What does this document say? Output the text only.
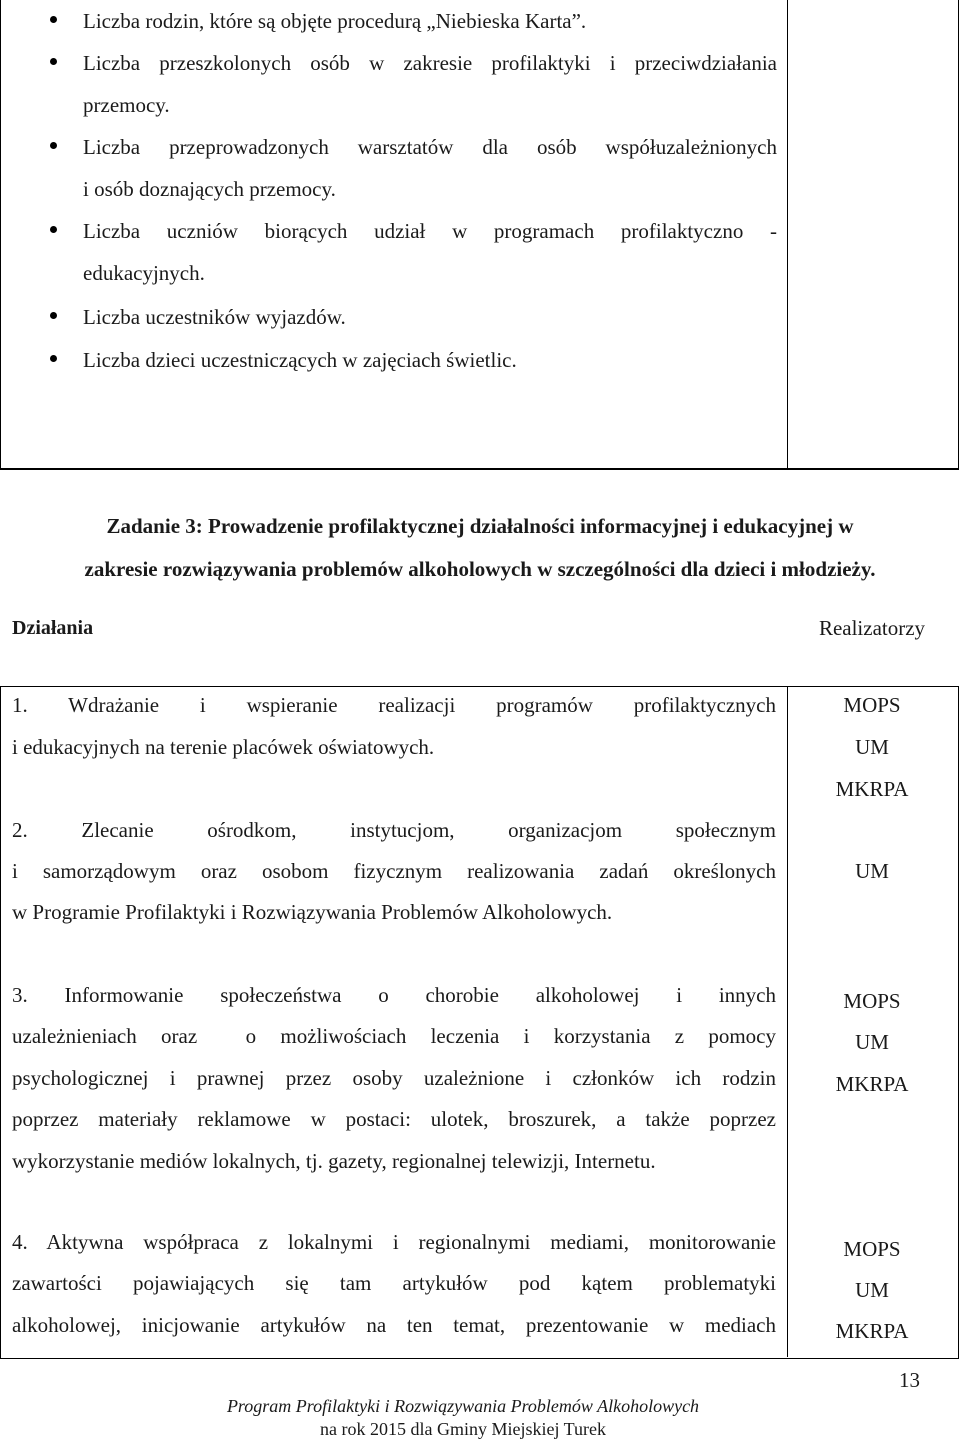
Liczba rodzin, które są objęte procedurą „Niebieska Karta”.
Liczba przeszkolonych osób w zakresie profilaktyki i przeciwdziałania
przemocy.
Liczba przeprowadzonych warsztatów dla osób współuzależnionych
i osób doznających przemocy.
Liczba uczniów biorących udział w programach profilaktyczno -
edukacyjnych.
Liczba uczestników wyjazdów.
Liczba dzieci uczestniczących w zajęciach świetlic.
Zadanie 3: Prowadzenie profilaktycznej działalności informacyjnej i edukacyjnej w
zakresie rozwiązywania problemów alkoholowych w szczególności dla dzieci i młodzieży.
Działania	Realizatorzy
1. Wdrażanie i wspieranie realizacji programów profilaktycznych
i edukacyjnych na terenie placówek oświatowych.
MOPS
UM
MKRPA
2. Zlecanie ośrodkom, instytucjom, organizacjom społecznym
i samorządowym oraz osobom fizycznym realizowania zadań określonych
w Programie Profilaktyki i Rozwiązywania Problemów Alkoholowych.
UM
3. Informowanie społeczeństwa o chorobie alkoholowej i innych
uzależnieniach oraz  o możliwościach leczenia i korzystania z pomocy
psychologicznej i prawnej przez osoby uzależnione i członków ich rodzin
poprzez materiały reklamowe w postaci: ulotek, broszurek, a także poprzez
wykorzystanie mediów lokalnych, tj. gazety, regionalnej telewizji, Internetu.
MOPS
UM
MKRPA
4. Aktywna współpraca z lokalnymi i regionalnymi mediami, monitorowanie
zawartości pojawiających się tam artykułów pod kątem problematyki
alkoholowej, inicjowanie artykułów na ten temat, prezentowanie w mediach
MOPS
UM
MKRPA
13
Program Profilaktyki i Rozwiązywania Problemów Alkoholowych
na rok 2015 dla Gminy Miejskiej Turek
